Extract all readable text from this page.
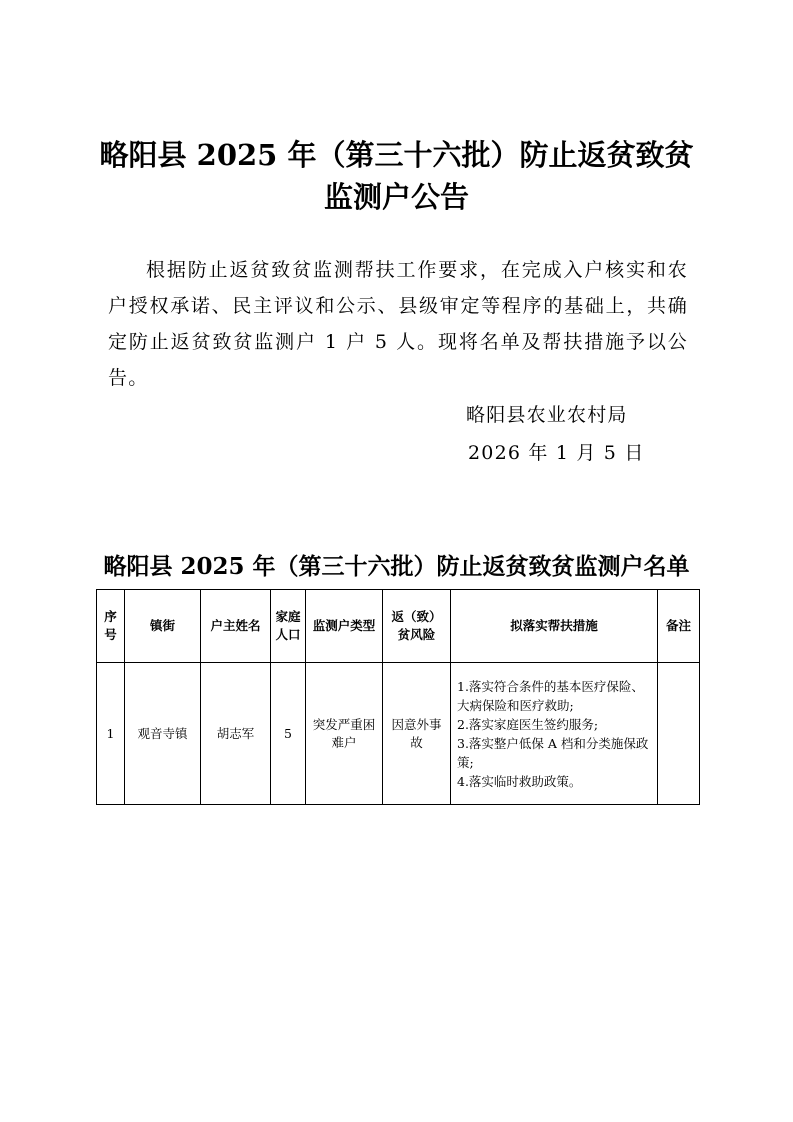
略阳县 2025 年（第三十六批）防止返贫致贫
监测户公告
根据防止返贫致贫监测帮扶工作要求，在完成入户核实和农户授权承诺、民主评议和公示、县级审定等程序的基础上，共确定防止返贫致贫监测户 1 户 5 人。现将名单及帮扶措施予以公告。
略阳县农业农村局
2026 年 1 月 5 日
略阳县 2025 年（第三十六批）防止返贫致贫监测户名单
序号	镇街	户主姓名	家庭人口	监测户类型	返（致）贫风险	拟落实帮扶措施	备注
1	观音寺镇	胡志军	5	突发严重困难户	因意外事故	1.落实符合条件的基本医疗保险、大病保险和医疗救助;
2.落实家庭医生签约服务;
3.落实整户低保 A 档和分类施保政策;
4.落实临时救助政策。	
